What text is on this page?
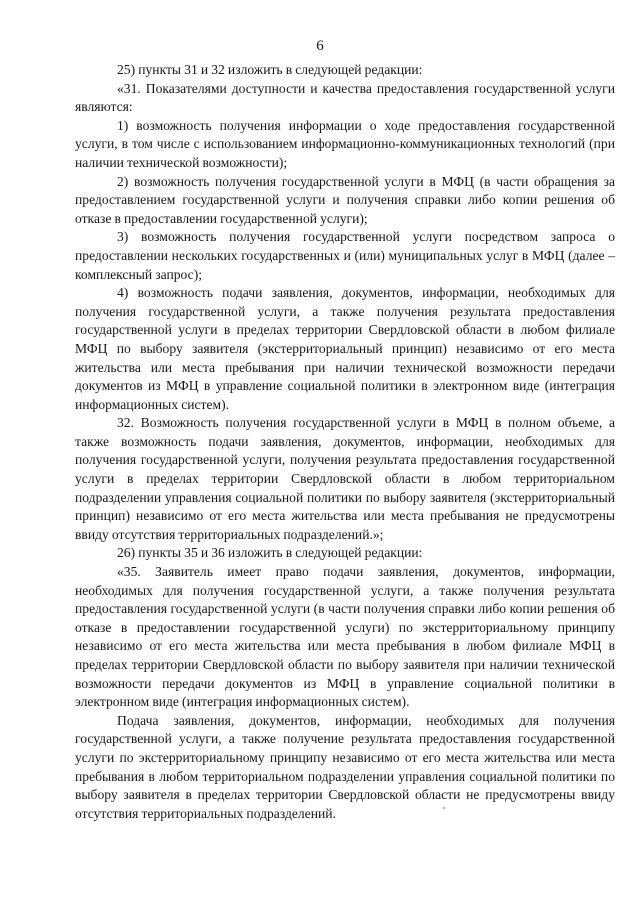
6

25) пункты 31 и 32 изложить в следующей редакции:

«31. Показателями доступности и качества предоставления государственной услуги являются:

1) возможность получения информации о ходе предоставления государственной услуги, в том числе с использованием информационно-коммуникационных технологий (при наличии технической возможности);

2) возможность получения государственной услуги в МФЦ (в части обращения за предоставлением государственной услуги и получения справки либо копии решения об отказе в предоставлении государственной услуги);

3) возможность получения государственной услуги посредством запроса о предоставлении нескольких государственных и (или) муниципальных услуг в МФЦ (далее – комплексный запрос);

4) возможность подачи заявления, документов, информации, необходимых для получения государственной услуги, а также получения результата предоставления государственной услуги в пределах территории Свердловской области в любом филиале МФЦ по выбору заявителя (экстерриториальный принцип) независимо от его места жительства или места пребывания при наличии технической возможности передачи документов из МФЦ в управление социальной политики в электронном виде (интеграция информационных систем).

32. Возможность получения государственной услуги в МФЦ в полном объеме, а также возможность подачи заявления, документов, информации, необходимых для получения государственной услуги, получения результата предоставления государственной услуги в пределах территории Свердловской области в любом территориальном подразделении управления социальной политики по выбору заявителя (экстерриториальный принцип) независимо от его места жительства или места пребывания не предусмотрены ввиду отсутствия территориальных подразделений.»;

26) пункты 35 и 36 изложить в следующей редакции:

«35. Заявитель имеет право подачи заявления, документов, информации, необходимых для получения государственной услуги, а также получения результата предоставления государственной услуги (в части получения справки либо копии решения об отказе в предоставлении государственной услуги) по экстерриториальному принципу независимо от его места жительства или места пребывания в любом филиале МФЦ в пределах территории Свердловской области по выбору заявителя при наличии технической возможности передачи документов из МФЦ в управление социальной политики в электронном виде (интеграция информационных систем).

Подача заявления, документов, информации, необходимых для получения государственной услуги, а также получение результата предоставления государственной услуги по экстерриториальному принципу независимо от его места жительства или места пребывания в любом территориальном подразделении управления социальной политики по выбору заявителя в пределах территории Свердловской области не предусмотрены ввиду отсутствия территориальных подразделений.
